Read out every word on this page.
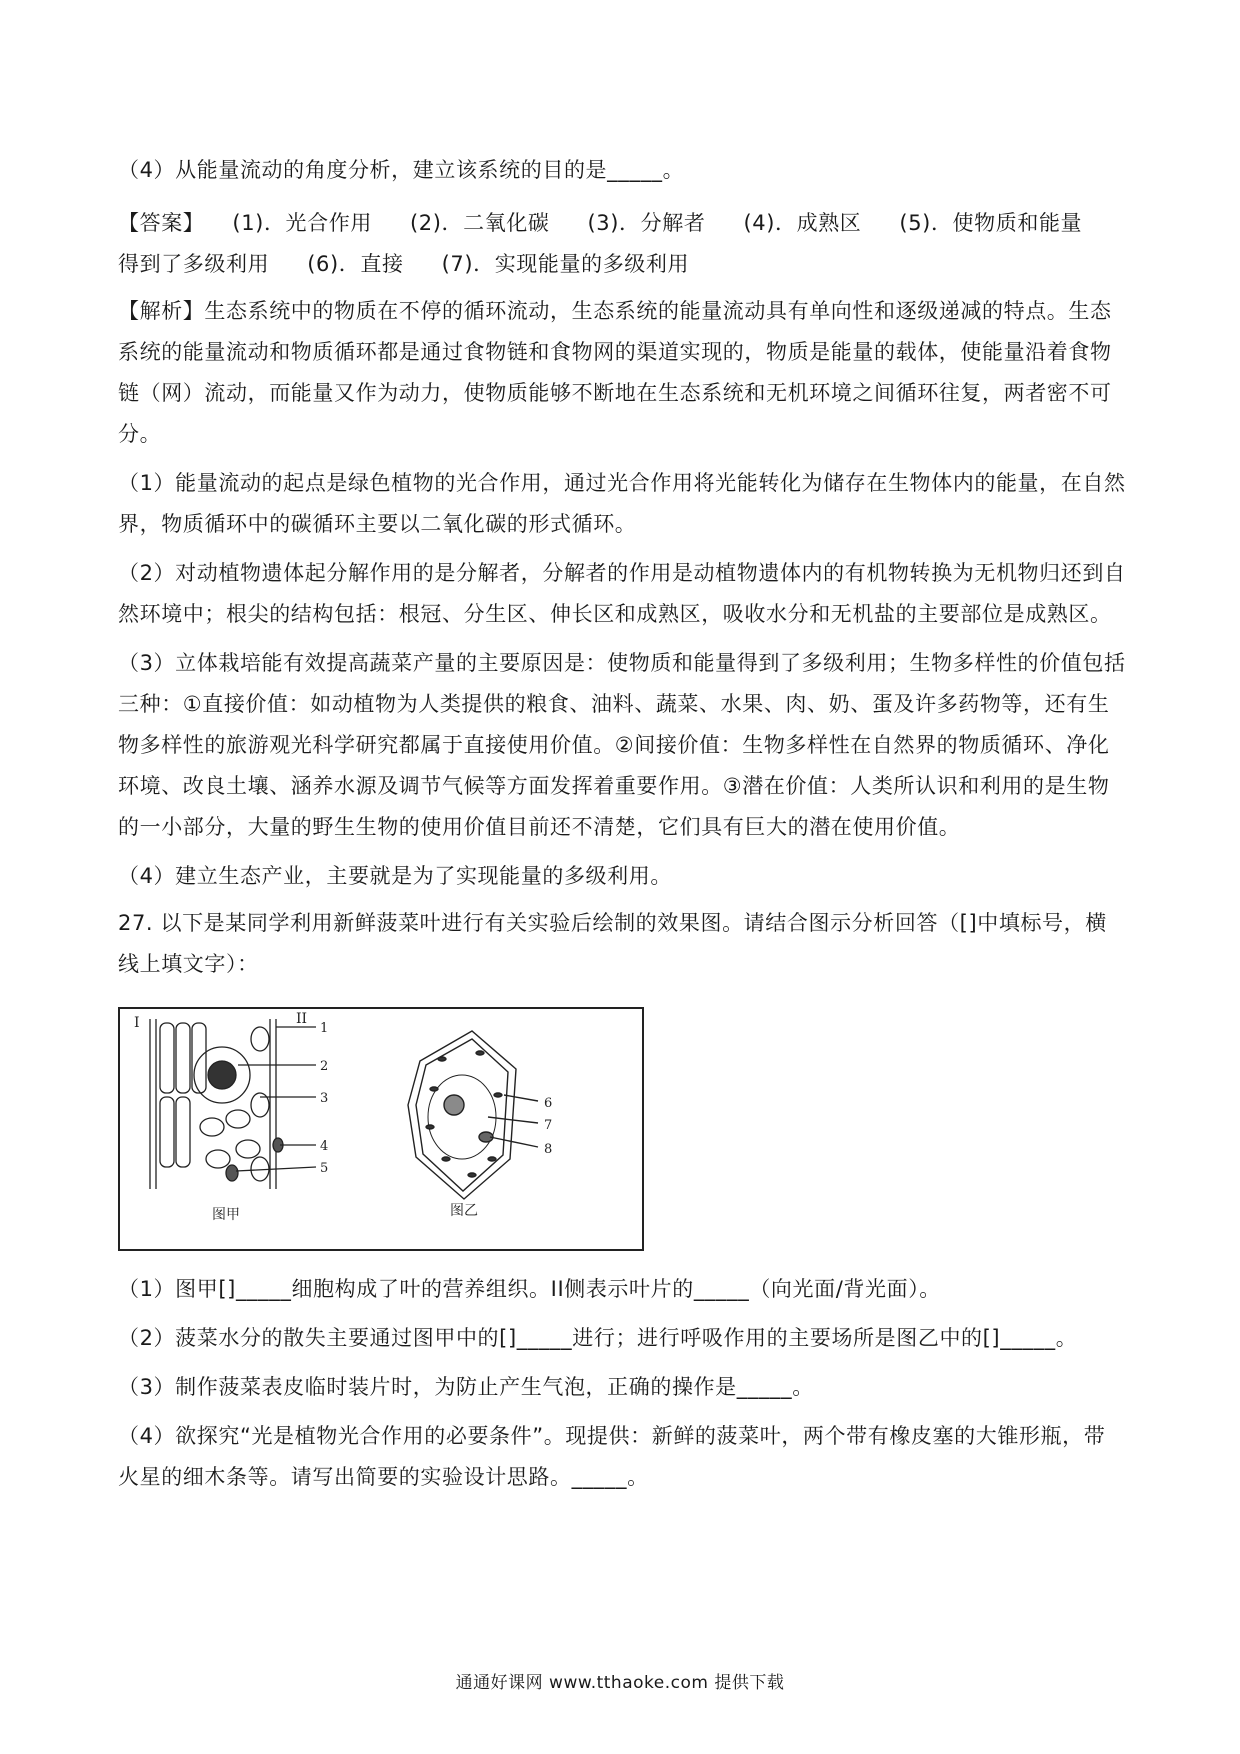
（4）从能量流动的角度分析，建立该系统的目的是_____。

【答案】 (1)．光合作用 (2)．二氧化碳 (3)．分解者 (4)．成熟区 (5)．使物质和能量

得到了多级利用 (6)．直接 (7)．实现能量的多级利用

【解析】生态系统中的物质在不停的循环流动，生态系统的能量流动具有单向性和逐级递减的特点。生态

系统的能量流动和物质循环都是通过食物链和食物网的渠道实现的，物质是能量的载体，使能量沿着食物

链（网）流动，而能量又作为动力，使物质能够不断地在生态系统和无机环境之间循环往复，两者密不可

分。

（1）能量流动的起点是绿色植物的光合作用，通过光合作用将光能转化为储存在生物体内的能量，在自然

界，物质循环中的碳循环主要以二氧化碳的形式循环。

（2）对动植物遗体起分解作用的是分解者，分解者的作用是动植物遗体内的有机物转换为无机物归还到自

然环境中；根尖的结构包括：根冠、分生区、伸长区和成熟区，吸收水分和无机盐的主要部位是成熟区。

（3）立体栽培能有效提高蔬菜产量的主要原因是：使物质和能量得到了多级利用；生物多样性的价值包括

三种：①直接价值：如动植物为人类提供的粮食、油料、蔬菜、水果、肉、奶、蛋及许多药物等，还有生

物多样性的旅游观光科学研究都属于直接使用价值。②间接价值：生物多样性在自然界的物质循环、净化

环境、改良土壤、涵养水源及调节气候等方面发挥着重要作用。③潜在价值：人类所认识和利用的是生物

的一小部分，大量的野生生物的使用价值目前还不清楚，它们具有巨大的潜在使用价值。

（4）建立生态产业，主要就是为了实现能量的多级利用。

27. 以下是某同学利用新鲜菠菜叶进行有关实验后绘制的效果图。请结合图示分析回答（[]中填标号，横

线上填文字）：

I	II
1
2
3
4
5
图甲
6
7
8
图乙

（1）图甲[]_____细胞构成了叶的营养组织。II侧表示叶片的_____（向光面/背光面）。

（2）菠菜水分的散失主要通过图甲中的[]_____进行；进行呼吸作用的主要场所是图乙中的[]_____。

（3）制作菠菜表皮临时装片时，为防止产生气泡，正确的操作是_____。

（4）欲探究“光是植物光合作用的必要条件”。现提供：新鲜的菠菜叶，两个带有橡皮塞的大锥形瓶，带

火星的细木条等。请写出简要的实验设计思路。_____。

通通好课网 www.tthaoke.com 提供下载
